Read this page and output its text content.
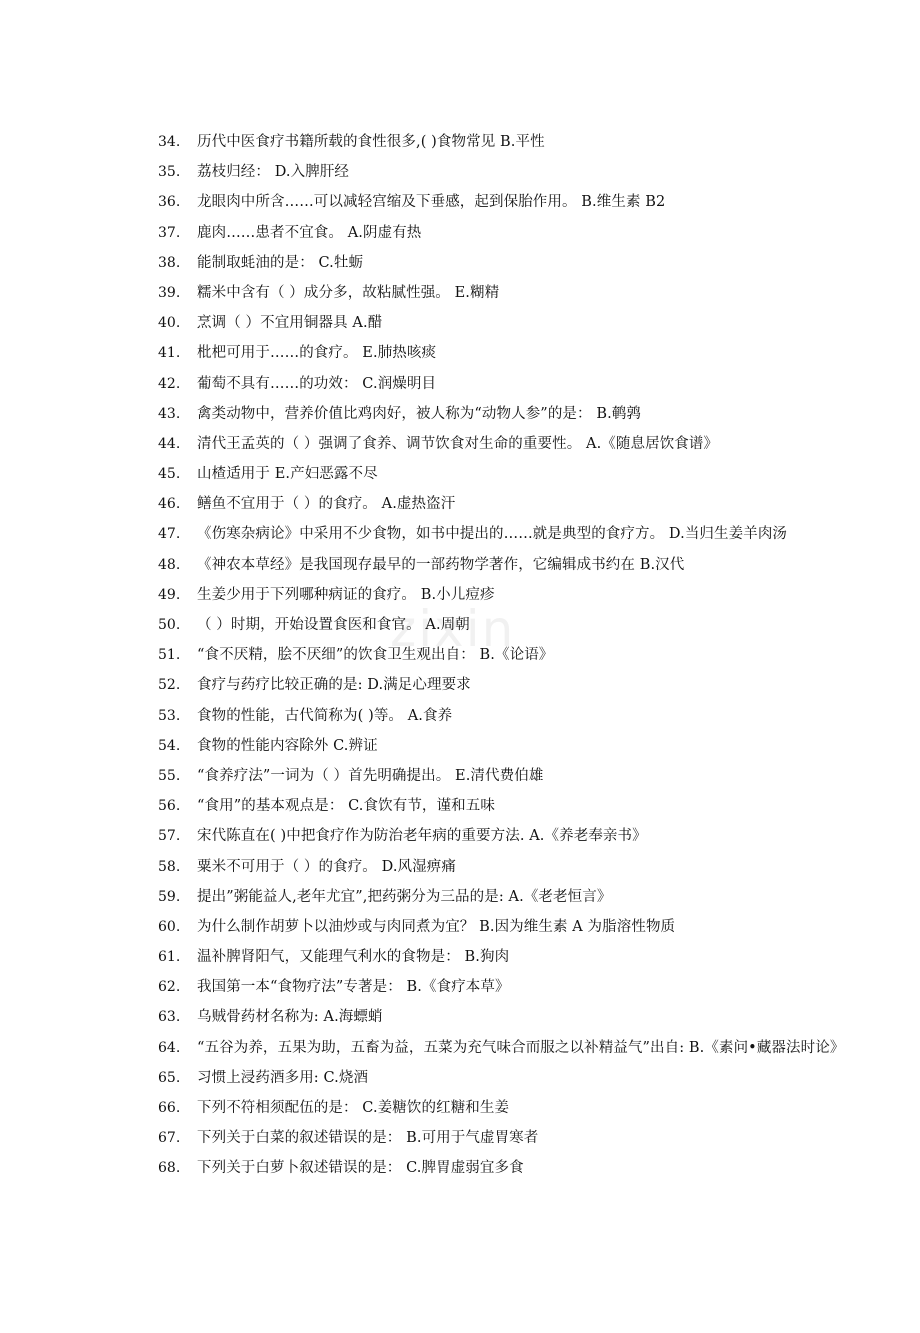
34.	历代中医食疗书籍所载的食性很多,( )食物常见 B.平性
35.	荔枝归经： D.入脾肝经
36.	龙眼肉中所含……可以减轻宫缩及下垂感，起到保胎作用。 B.维生素 B2
37.	鹿肉……患者不宜食。 A.阴虚有热
38.	能制取蚝油的是： C.牡蛎
39.	糯米中含有（ ）成分多，故粘腻性强。 E.糊精
40.	烹调（ ）不宜用铜器具 A.醋
41.	枇杷可用于……的食疗。 E.肺热咳痰
42.	葡萄不具有……的功效： C.润燥明目
43.	禽类动物中，营养价值比鸡肉好，被人称为“动物人参”的是： B.鹌鹑
44.	清代王孟英的（ ）强调了食养、调节饮食对生命的重要性。 A.《随息居饮食谱》
45.	山楂适用于 E.产妇恶露不尽
46.	鳝鱼不宜用于（ ）的食疗。 A.虚热盗汗
47.	《伤寒杂病论》中采用不少食物，如书中提出的……就是典型的食疗方。 D.当归生姜羊肉汤
48.	《神农本草经》是我国现存最早的一部药物学著作，它编辑成书约在 B.汉代
49.	生姜少用于下列哪种病证的食疗。 B.小儿痘疹
50.	（ ）时期，开始设置食医和食官。 A.周朝
51.	“食不厌精，脍不厌细”的饮食卫生观出自： B.《论语》
52.	食疗与药疗比较正确的是: D.满足心理要求
53.	食物的性能，古代简称为( )等。 A.食养
54.	食物的性能内容除外 C.辨证
55.	“食养疗法”一词为（ ）首先明确提出。 E.清代费伯雄
56.	“食用”的基本观点是： C.食饮有节，谨和五味
57.	宋代陈直在( )中把食疗作为防治老年病的重要方法. A.《养老奉亲书》
58.	粟米不可用于（ ）的食疗。 D.风湿痹痛
59.	提出”粥能益人,老年尤宜”,把药粥分为三品的是: A.《老老恒言》
60.	为什么制作胡萝卜以油炒或与肉同煮为宜？ B.因为维生素 A 为脂溶性物质
61.	温补脾肾阳气，又能理气利水的食物是： B.狗肉
62.	我国第一本“食物疗法”专著是： B.《食疗本草》
63.	乌贼骨药材名称为: A.海螵蛸
64.	“五谷为养，五果为助，五畜为益，五菜为充气味合而服之以补精益气”出自: B.《素问•藏器法时论》
65.	习惯上浸药酒多用: C.烧酒
66.	下列不符相须配伍的是： C.姜糖饮的红糖和生姜
67.	下列关于白菜的叙述错误的是： B.可用于气虚胃寒者
68.	下列关于白萝卜叙述错误的是： C.脾胃虚弱宜多食
zixin
